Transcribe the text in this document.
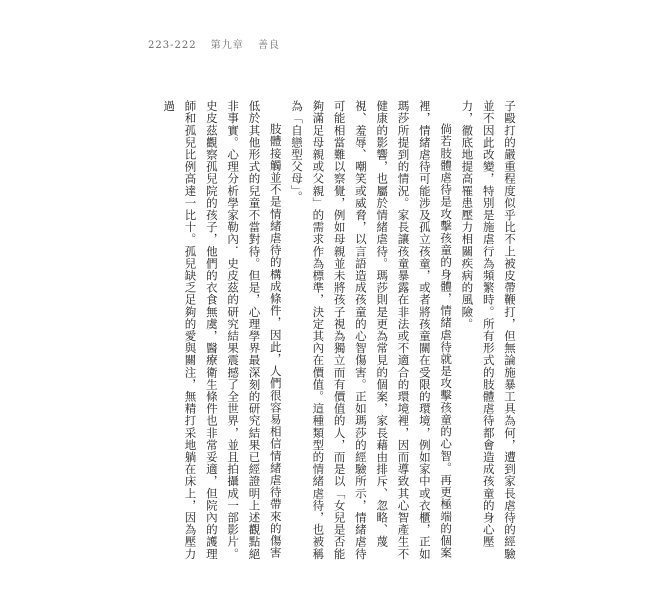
223-222 第九章 善良

子毆打的嚴重程度似乎比不上被皮帶鞭打，但無論施暴工具為何，遭到家長虐待的經驗並不因此改變，特別是施虐行為頻繁時。所有形式的肢體虐待都會造成孩童的身心壓力，徹底地提高罹患壓力相關疾病的風險。

倘若肢體虐待是攻擊孩童的身體，情緒虐待就是攻擊孩童的心智。再更極端的個案裡，情緒虐待可能涉及孤立孩童，或者將孩童關在受限的環境，例如家中或衣櫃，正如瑪莎所提到的情況。家長讓孩童暴露在非法或不適合的環境裡，因而導致其心智產生不健康的影響，也屬於情緒虐待。瑪莎則是更為常見的個案，家長藉由排斥、忽略、蔑視、羞辱、嘲笑或威脅，以言語造成孩童的心智傷害。正如瑪莎的經驗所示，情緒虐待可能相當難以察覺，例如母親並未將孩子視為獨立而有價值的人，而是以「女兒是否能夠滿足母親或父親」的需求作為標準，決定其內在價值。這種類型的情緒虐待，也被稱為「自戀型父母」。

肢體接觸並不是情緒虐待的構成條件，因此，人們很容易相信情緒虐待帶來的傷害低於其他形式的兒童不當對待。但是，心理學界最深刻的研究結果已經證明上述觀點絕非事實。心理分析學家勒內．史皮茲的研究結果震撼了全世界，並且拍攝成一部影片。史皮茲觀察孤兒院的孩子，他們的衣食無虞，醫療衛生條件也非常妥適，但院內的護理師和孤兒比例高達一比十。孤兒缺乏足夠的愛與關注，無精打采地躺在床上，因為壓力過
